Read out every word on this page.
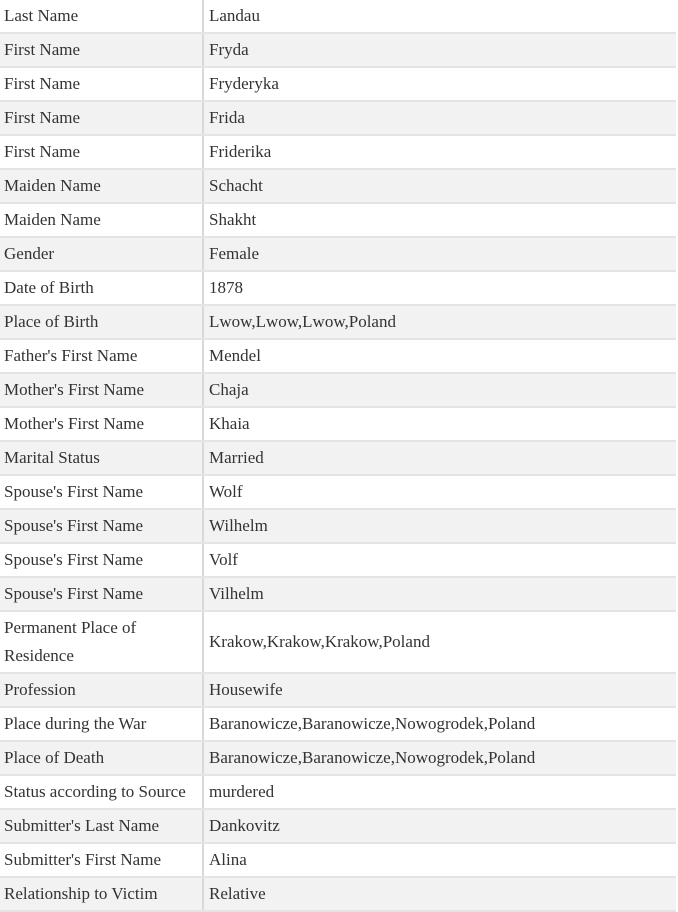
Last Name	Landau
First Name	Fryda
First Name	Fryderyka
First Name	Frida
First Name	Friderika
Maiden Name	Schacht
Maiden Name	Shakht
Gender	Female
Date of Birth	1878
Place of Birth	Lwow,Lwow,Lwow,Poland
Father's First Name	Mendel
Mother's First Name	Chaja
Mother's First Name	Khaia
Marital Status	Married
Spouse's First Name	Wolf
Spouse's First Name	Wilhelm
Spouse's First Name	Volf
Spouse's First Name	Vilhelm
Permanent Place of Residence	Krakow,Krakow,Krakow,Poland
Profession	Housewife
Place during the War	Baranowicze,Baranowicze,Nowogrodek,Poland
Place of Death	Baranowicze,Baranowicze,Nowogrodek,Poland
Status according to Source	murdered
Submitter's Last Name	Dankovitz
Submitter's First Name	Alina
Relationship to Victim	Relative
